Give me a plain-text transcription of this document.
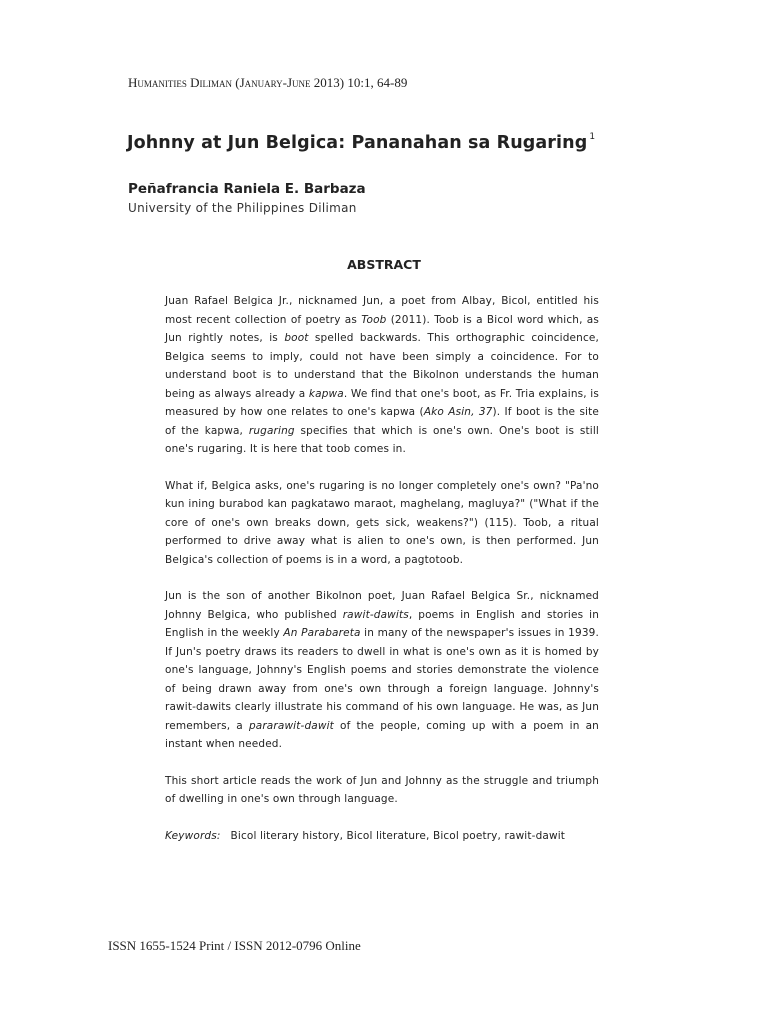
Humanities Diliman (January-June 2013) 10:1, 64-89
Johnny at Jun Belgica: Pananahan sa Rugaring $^1$
Peñafrancia Raniela E. Barbaza
University of the Philippines Diliman
ABSTRACT

Juan Rafael Belgica Jr., nicknamed Jun, a poet from Albay, Bicol, entitled his most recent collection of poetry as Toob (2011). Toob is a Bicol word which, as Jun rightly notes, is boot spelled backwards. This orthographic coincidence, Belgica seems to imply, could not have been simply a coincidence. For to understand boot is to understand that the Bikolnon understands the human being as always already a kapwa. We find that one's boot, as Fr. Tria explains, is measured by how one relates to one's kapwa (Ako Asin, 37). If boot is the site of the kapwa, rugaring specifies that which is one's own. One's boot is still one's rugaring. It is here that toob comes in.

What if, Belgica asks, one's rugaring is no longer completely one's own? "Pa'no kun ining burabod kan pagkatawo maraot, maghelang, magluya?" ("What if the core of one's own breaks down, gets sick, weakens?") (115). Toob, a ritual performed to drive away what is alien to one's own, is then performed. Jun Belgica's collection of poems is in a word, a pagtotoob.

Jun is the son of another Bikolnon poet, Juan Rafael Belgica Sr., nicknamed Johnny Belgica, who published rawit-dawits, poems in English and stories in English in the weekly An Parabareta in many of the newspaper's issues in 1939. If Jun's poetry draws its readers to dwell in what is one's own as it is homed by one's language, Johnny's English poems and stories demonstrate the violence of being drawn away from one's own through a foreign language. Johnny's rawit-dawits clearly illustrate his command of his own language. He was, as Jun remembers, a pararawit-dawit of the people, coming up with a poem in an instant when needed.

This short article reads the work of Jun and Johnny as the struggle and triumph of dwelling in one's own through language.

Keywords: Bicol literary history, Bicol literature, Bicol poetry, rawit-dawit
ISSN 1655-1524 Print / ISSN 2012-0796 Online
